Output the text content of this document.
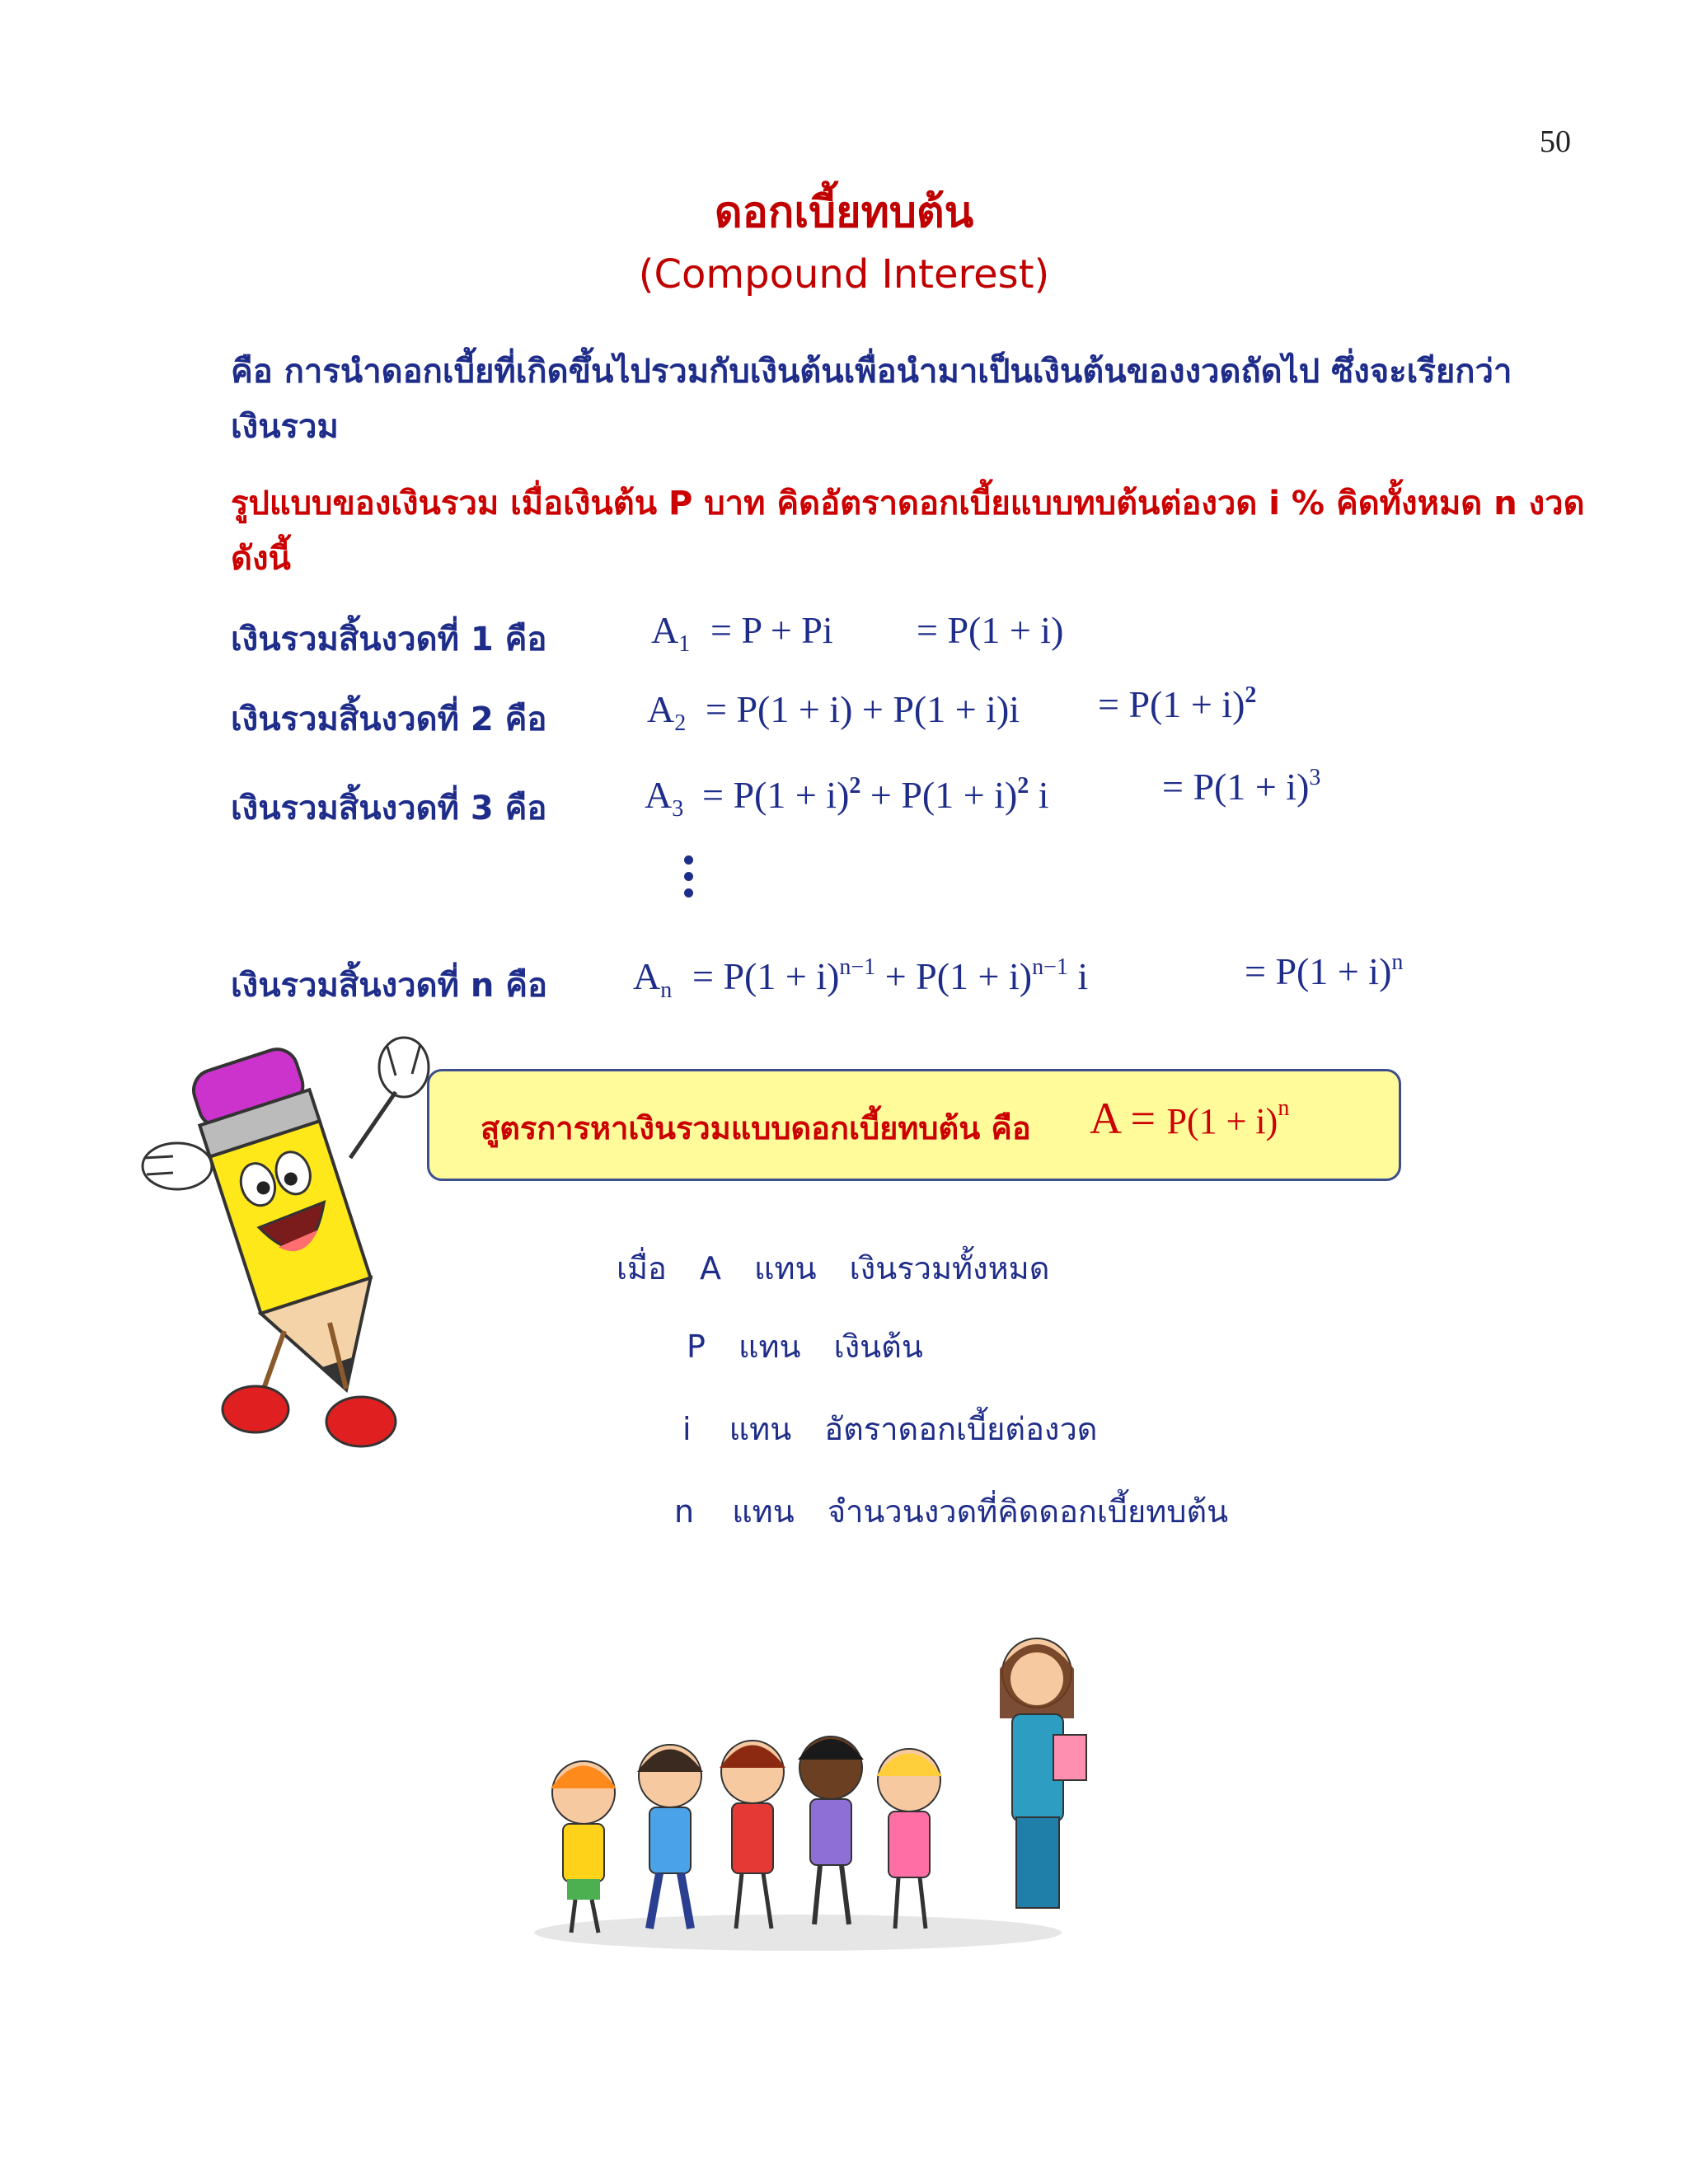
50
ดอกเบี้ยทบต้น
(Compound Interest)
คือ การนำดอกเบี้ยที่เกิดขึ้นไปรวมกับเงินต้นเพื่อนำมาเป็นเงินต้นของงวดถัดไป ซึ่งจะเรียกว่า
เงินรวม
รูปแบบของเงินรวม เมื่อเงินต้น P บาท คิดอัตราดอกเบี้ยแบบทบต้นต่องวด i % คิดทั้งหมด n งวด
ดังนี้
เงินรวมสิ้นงวดที่ 1 คือ	$A_1 = P + Pi = P(1 + i)$
เงินรวมสิ้นงวดที่ 2 คือ	$A_2 = P(1 + i) + P(1 + i)i = P(1 + i)^2$
เงินรวมสิ้นงวดที่ 3 คือ	$A_3 = P(1 + i)^2 + P(1 + i)^2$ i	= $P(1 + i)^3$
เงินรวมสิ้นงวดที่ n คือ $A_n = P(1 + i)^{n-1} + P(1 + i)^{n-1}$ i	= $P(1 + i)^n$
สูตรการหาเงินรวมแบบดอกเบี้ยทบต้น คือ $A = P(1 + i)^n$
เมื่อ A แทน เงินรวมทั้งหมด
P แทน เงินต้น
i แทน อัตราดอกเบี้ยต่องวด
n แทน จำนวนงวดที่คิดดอกเบี้ยทบต้น
